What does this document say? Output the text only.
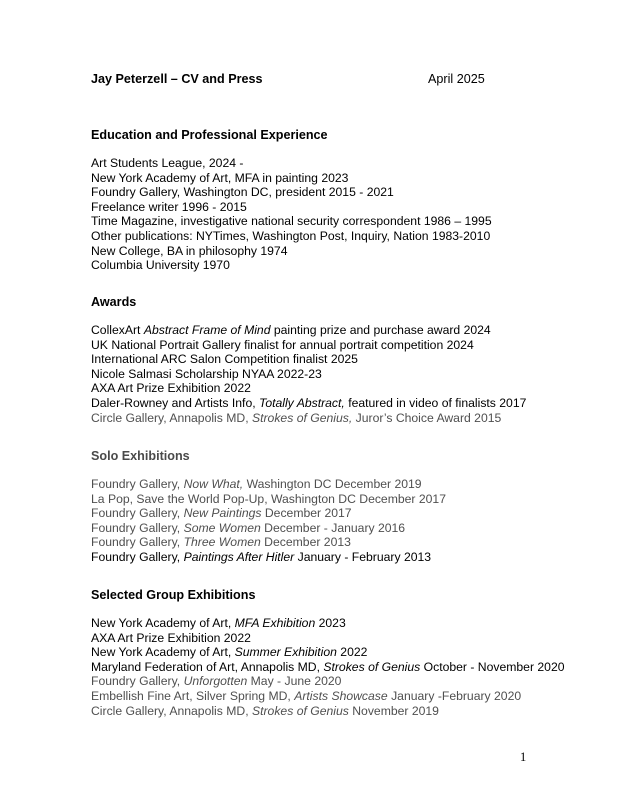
Jay Peterzell – CV and Press	April 2025
Education and Professional Experience
Art Students League, 2024 -
New York Academy of Art, MFA in painting 2023
Foundry Gallery, Washington DC, president 2015 - 2021
Freelance writer 1996 - 2015
Time Magazine, investigative national security correspondent 1986 – 1995
Other publications: NYTimes, Washington Post, Inquiry, Nation 1983-2010
New College, BA in philosophy 1974
Columbia University 1970
Awards
CollexArt Abstract Frame of Mind painting prize and purchase award 2024
UK National Portrait Gallery finalist for annual portrait competition 2024
International ARC Salon Competition finalist 2025
Nicole Salmasi Scholarship NYAA 2022-23
AXA Art Prize Exhibition 2022
Daler-Rowney and Artists Info, Totally Abstract, featured in video of finalists 2017
Circle Gallery, Annapolis MD, Strokes of Genius, Juror’s Choice Award 2015
Solo Exhibitions
Foundry Gallery, Now What, Washington DC December 2019
La Pop, Save the World Pop-Up, Washington DC December 2017
Foundry Gallery, New Paintings December 2017
Foundry Gallery, Some Women December - January 2016
Foundry Gallery, Three Women December 2013
Foundry Gallery, Paintings After Hitler January - February 2013
Selected Group Exhibitions
New York Academy of Art, MFA Exhibition 2023
AXA Art Prize Exhibition 2022
New York Academy of Art, Summer Exhibition 2022
Maryland Federation of Art, Annapolis MD, Strokes of Genius October - November 2020
Foundry Gallery, Unforgotten May - June 2020
Embellish Fine Art, Silver Spring MD, Artists Showcase January -February 2020
Circle Gallery, Annapolis MD, Strokes of Genius November 2019
1
